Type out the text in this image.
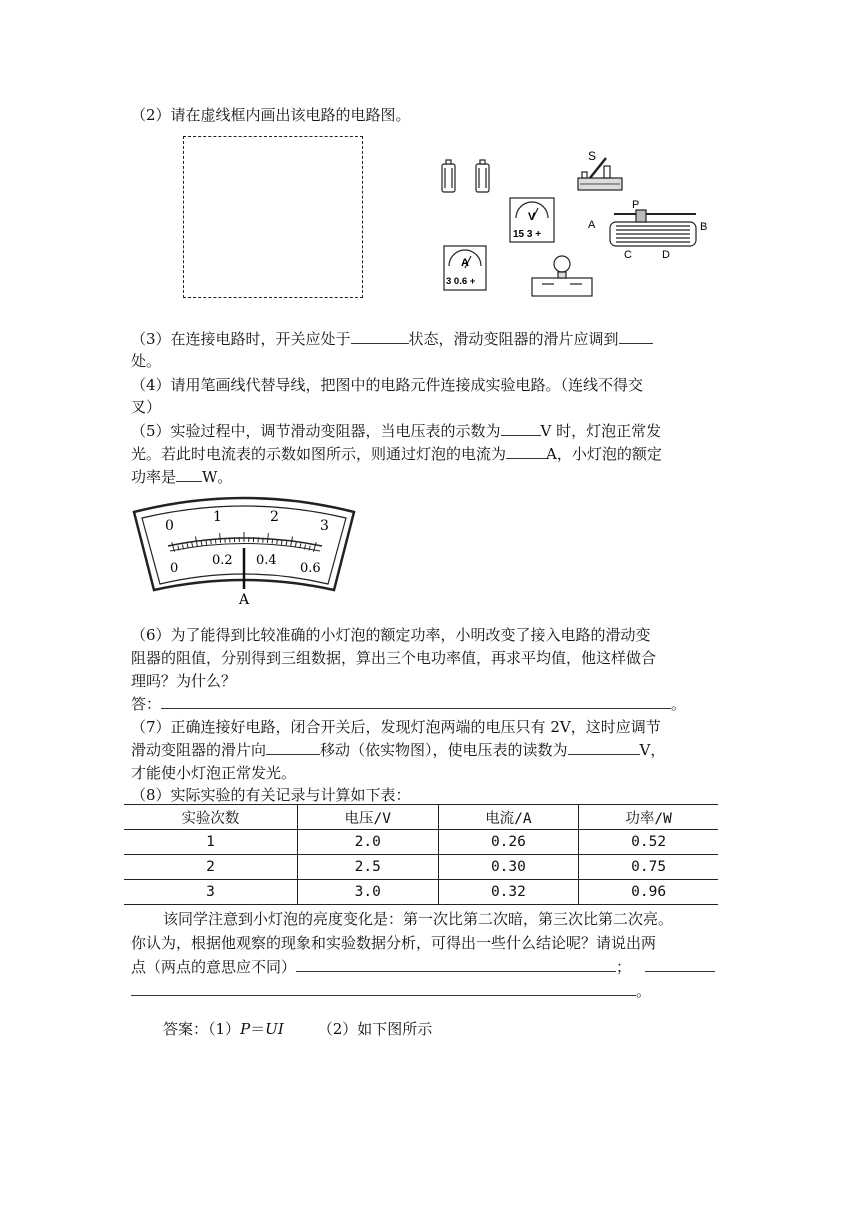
（2）请在虚线框内画出该电路的电路图。
S
V
15 3 +
A
3 0.6 +
A
P
B
C	D
（3）在连接电路时，开关应处于	状态，滑动变阻器的滑片应调到
处。
（4）请用笔画线代替导线，把图中的电路元件连接成实验电路。（连线不得交
叉）
（5）实验过程中，调节滑动变阻器，当电压表的示数为	V 时，灯泡正常发
光。若此时电流表的示数如图所示，则通过灯泡的电流为	A，小灯泡的额定
功率是 W。
0
1	2
3
0
0.2 0.4
0.6
A
（6）为了能得到比较准确的小灯泡的额定功率，小明改变了接入电路的滑动变
阻器的阻值，分别得到三组数据，算出三个电功率值，再求平均值，他这样做合
理吗？为什么？
答：	。
（7）正确连接好电路，闭合开关后，发现灯泡两端的电压只有 2V，这时应调节
滑动变阻器的滑片向	移动（依实物图），使电压表的读数为	V，
才能使小灯泡正常发光。
（8）实际实验的有关记录与计算如下表：
实验次数	电压/V	电流/A	功率/W
1	2.0	0.26	0.52
2	2.5	0.30	0.75
3	3.0	0.32	0.96
该同学注意到小灯泡的亮度变化是：第一次比第二次暗，第三次比第二次亮。
你认为，根据他观察的现象和实验数据分析，可得出一些什么结论呢？请说出两
点（两点的意思应不同）	；
。
答案：（1）P＝UI （2）如下图所示
